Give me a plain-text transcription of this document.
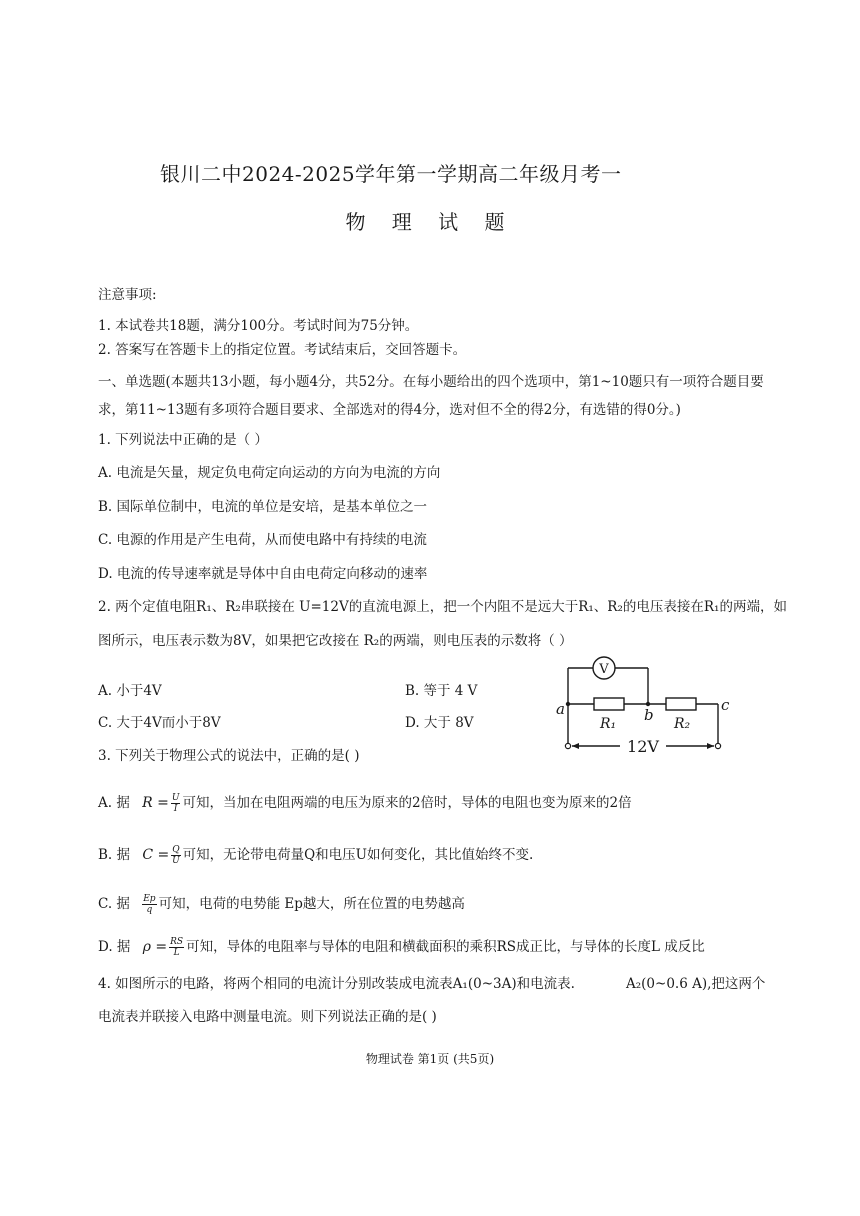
银川二中2024-2025学年第一学期高二年级月考一
物 理 试 题
注意事项:
1. 本试卷共18题，满分100分。考试时间为75分钟。
2. 答案写在答题卡上的指定位置。考试结束后，交回答题卡。
一、单选题(本题共13小题，每小题4分，共52分。在每小题给出的四个选项中，第1~10题只有一项符合题目要
求，第11~13题有多项符合题目要求、全部选对的得4分，选对但不全的得2分，有选错的得0分。)
1. 下列说法中正确的是（ ）
A. 电流是矢量，规定负电荷定向运动的方向为电流的方向
B. 国际单位制中，电流的单位是安培，是基本单位之一
C. 电源的作用是产生电荷，从而使电路中有持续的电流
D. 电流的传导速率就是导体中自由电荷定向移动的速率
2. 两个定值电阻R₁、R₂串联接在 U=12V的直流电源上，把一个内阻不是远大于R₁、R₂的电压表接在R₁的两端，如
图所示，电压表示数为8V，如果把它改接在 R₂的两端，则电压表的示数将（ ）
A. 小于4V	B. 等于 4 V
C. 大于4V而小于8V	D. 大于 8V
V
a	b
c
R₁	R₂
12V
3. 下列关于物理公式的说法中，正确的是( )
A. 据 $R = \frac{U}{I}$ 可知，当加在电阻两端的电压为原来的2倍时，导体的电阻也变为原来的2倍
B. 据 $C = \frac{Q}{U}$ 可知，无论带电荷量Q和电压U如何变化，其比值始终不变.
C. 据 $\frac{Ep}{q}$ 可知，电荷的电势能 Ep越大，所在位置的电势越高
D. 据 $\rho = \frac{RS}{L}$ 可知，导体的电阻率与导体的电阻和横截面积的乘积RS成正比，与导体的长度L 成反比
4. 如图所示的电路，将两个相同的电流计分别改装成电流表A₁(0~3A)和电流表.	A₂(0~0.6 A),把这两个
电流表并联接入电路中测量电流。则下列说法正确的是( )
物理试卷 第1页 (共5页)
